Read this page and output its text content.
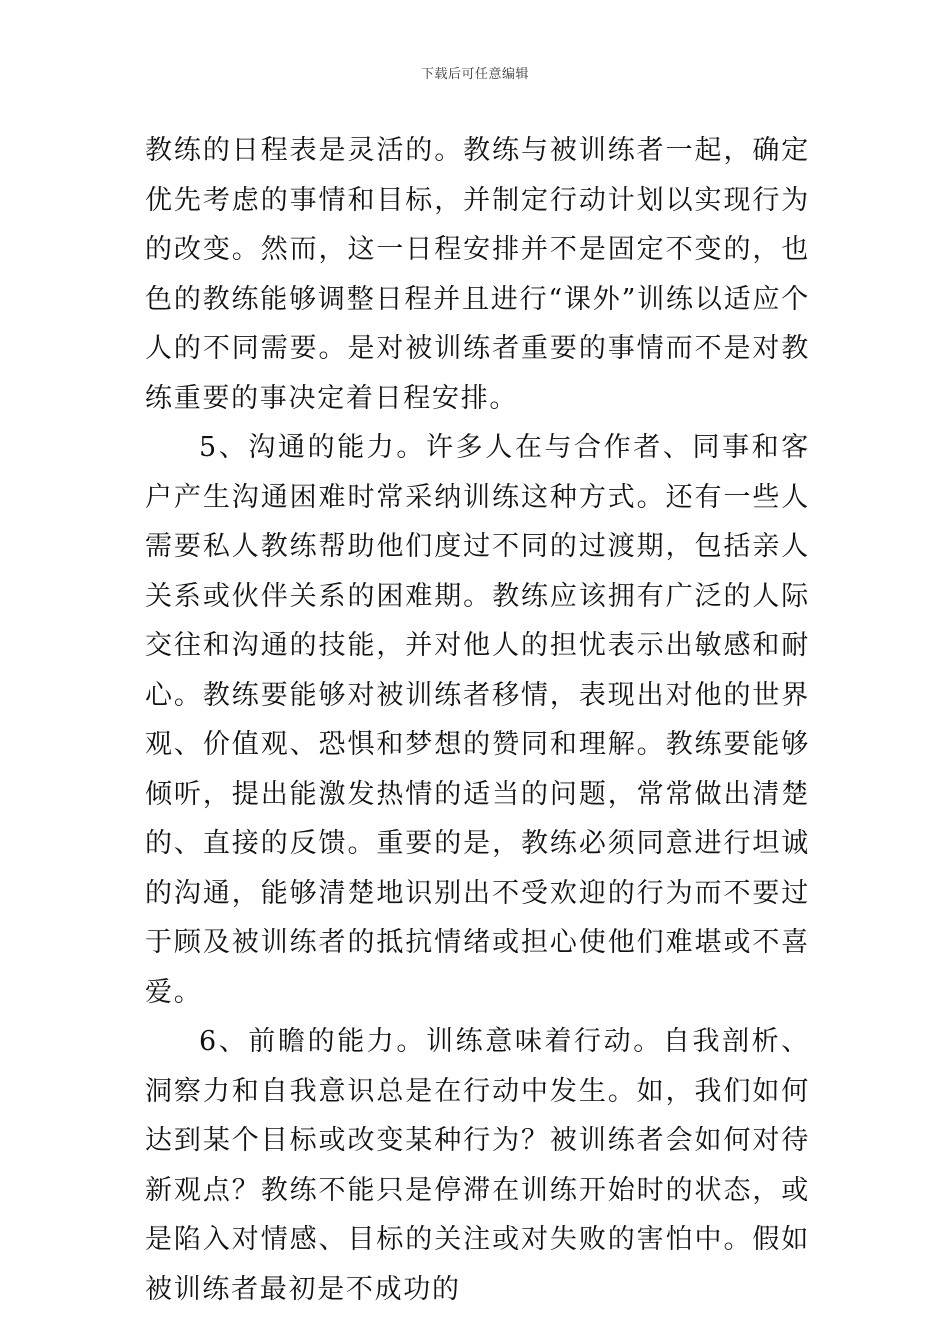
下载后可任意编辑

教练的日程表是灵活的。教练与被训练者一起，确定优先考虑的事情和目标，并制定行动计划以实现行为的改变。然而，这一日程安排并不是固定不变的，也色的教练能够调整日程并且进行“课外”训练以适应个人的不同需要。是对被训练者重要的事情而不是对教练重要的事决定着日程安排。

5、沟通的能力。许多人在与合作者、同事和客户产生沟通困难时常采纳训练这种方式。还有一些人需要私人教练帮助他们度过不同的过渡期，包括亲人关系或伙伴关系的困难期。教练应该拥有广泛的人际交往和沟通的技能，并对他人的担忧表示出敏感和耐心。教练要能够对被训练者移情，表现出对他的世界观、价值观、恐惧和梦想的赞同和理解。教练要能够倾听，提出能激发热情的适当的问题，常常做出清楚的、直接的反馈。重要的是，教练必须同意进行坦诚的沟通，能够清楚地识别出不受欢迎的行为而不要过于顾及被训练者的抵抗情绪或担心使他们难堪或不喜爱。

6、前瞻的能力。训练意味着行动。自我剖析、洞察力和自我意识总是在行动中发生。如，我们如何达到某个目标或改变某种行为？被训练者会如何对待新观点？教练不能只是停滞在训练开始时的状态，或是陷入对情感、目标的关注或对失败的害怕中。假如被训练者最初是不成功的
